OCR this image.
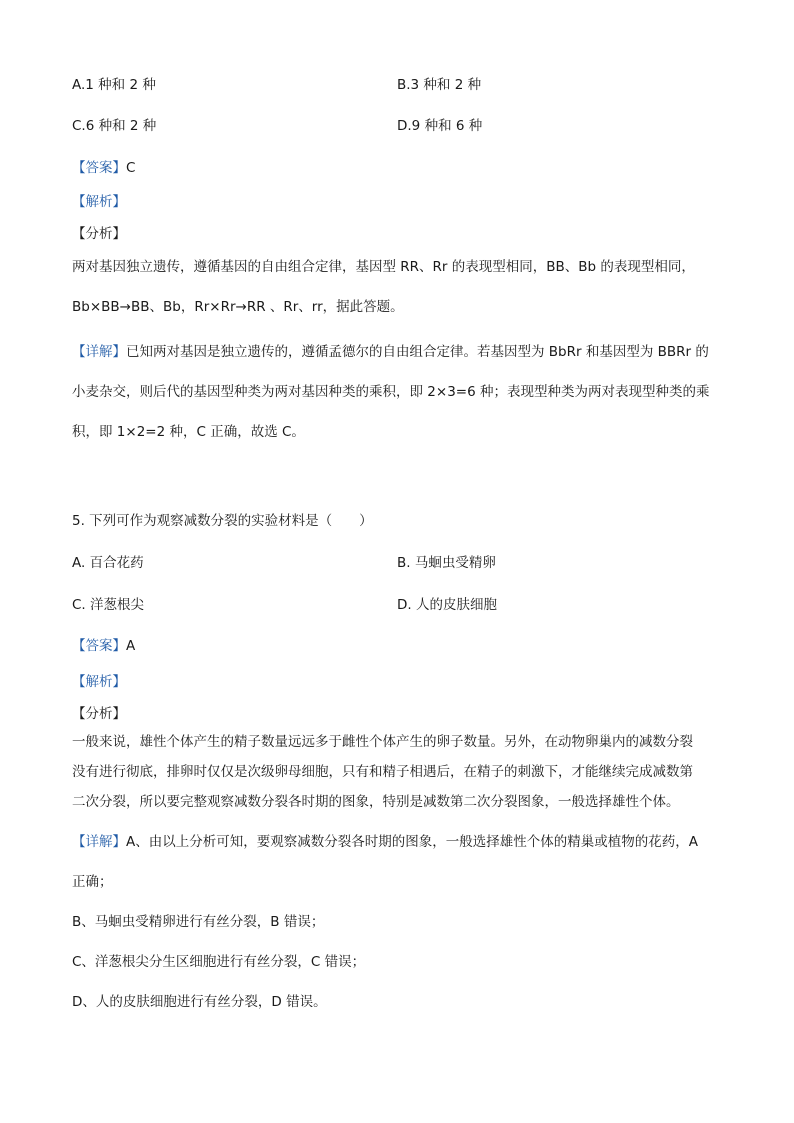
A.1 种和 2 种	B.3 种和 2 种
C.6 种和 2 种	D.9 种和 6 种
【答案】C
【解析】
【分析】
两对基因独立遗传，遵循基因的自由组合定律，基因型 RR、Rr 的表现型相同，BB、Bb 的表现型相同，
Bb×BB→BB、Bb，Rr×Rr→RR 、Rr、rr，据此答题。
【详解】已知两对基因是独立遗传的，遵循孟德尔的自由组合定律。若基因型为 BbRr 和基因型为 BBRr 的
小麦杂交，则后代的基因型种类为两对基因种类的乘积，即 2×3=6 种；表现型种类为两对表现型种类的乘
积，即 1×2=2 种，C 正确，故选 C。
5. 下列可作为观察减数分裂的实验材料是（　　）
A. 百合花药	B. 马蛔虫受精卵
C. 洋葱根尖	D. 人的皮肤细胞
【答案】A
【解析】
【分析】
一般来说，雄性个体产生的精子数量远远多于雌性个体产生的卵子数量。另外，在动物卵巢内的减数分裂
没有进行彻底，排卵时仅仅是次级卵母细胞，只有和精子相遇后，在精子的刺激下，才能继续完成减数第
二次分裂，所以要完整观察减数分裂各时期的图象，特别是减数第二次分裂图象，一般选择雄性个体。
【详解】A、由以上分析可知，要观察减数分裂各时期的图象，一般选择雄性个体的精巢或植物的花药，A
正确；
B、马蛔虫受精卵进行有丝分裂，B 错误；
C、洋葱根尖分生区细胞进行有丝分裂，C 错误；
D、人的皮肤细胞进行有丝分裂，D 错误。
